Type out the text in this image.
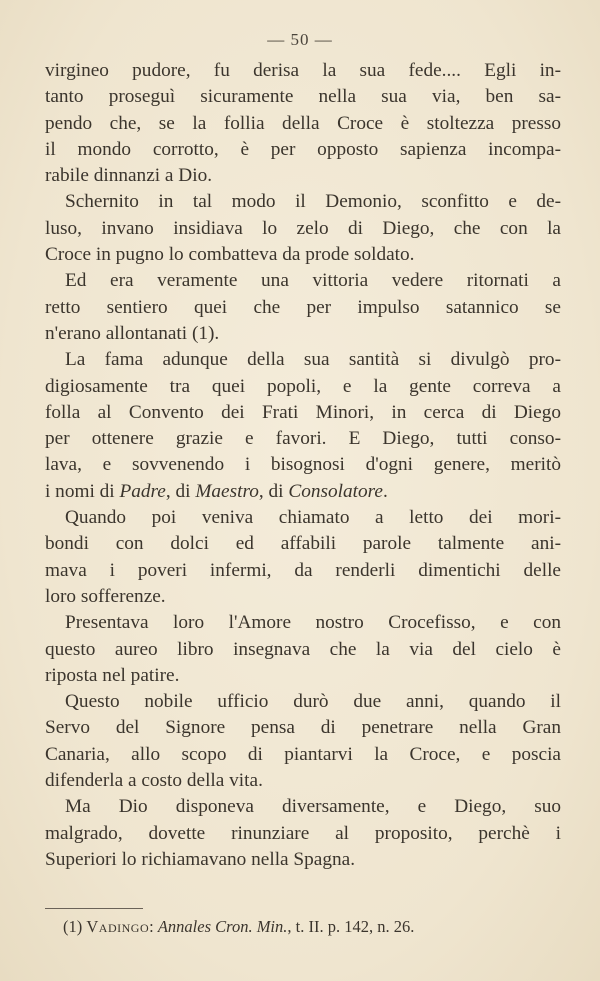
— 50 —
virgineo pudore, fu derisa la sua fede.... Egli in-
tanto proseguì sicuramente nella sua via, ben sa-
pendo che, se la follia della Croce è stoltezza presso
il mondo corrotto, è per opposto sapienza incompa-
rabile dinnanzi a Dio.
Schernito in tal modo il Demonio, sconfitto e de-
luso, invano insidiava lo zelo di Diego, che con la
Croce in pugno lo combatteva da prode soldato.
Ed era veramente una vittoria vedere ritornati a
retto sentiero quei che per impulso satannico se
n'erano allontanati (1).
La fama adunque della sua santità si divulgò pro-
digiosamente tra quei popoli, e la gente correva a
folla al Convento dei Frati Minori, in cerca di Diego
per ottenere grazie e favori. E Diego, tutti conso-
lava, e sovvenendo i bisognosi d'ogni genere, meritò
i nomi di Padre, di Maestro, di Consolatore.
Quando poi veniva chiamato a letto dei mori-
bondi con dolci ed affabili parole talmente ani-
mava i poveri infermi, da renderli dimentichi delle
loro sofferenze.
Presentava loro l'Amore nostro Crocefisso, e con
questo aureo libro insegnava che la via del cielo è
riposta nel patire.
Questo nobile ufficio durò due anni, quando il
Servo del Signore pensa di penetrare nella Gran
Canaria, allo scopo di piantarvi la Croce, e poscia
difenderla a costo della vita.
Ma Dio disponeva diversamente, e Diego, suo
malgrado, dovette rinunziare al proposito, perchè i
Superiori lo richiamavano nella Spagna.
(1) Vadingo: Annales Cron. Min., t. II. p. 142, n. 26.
